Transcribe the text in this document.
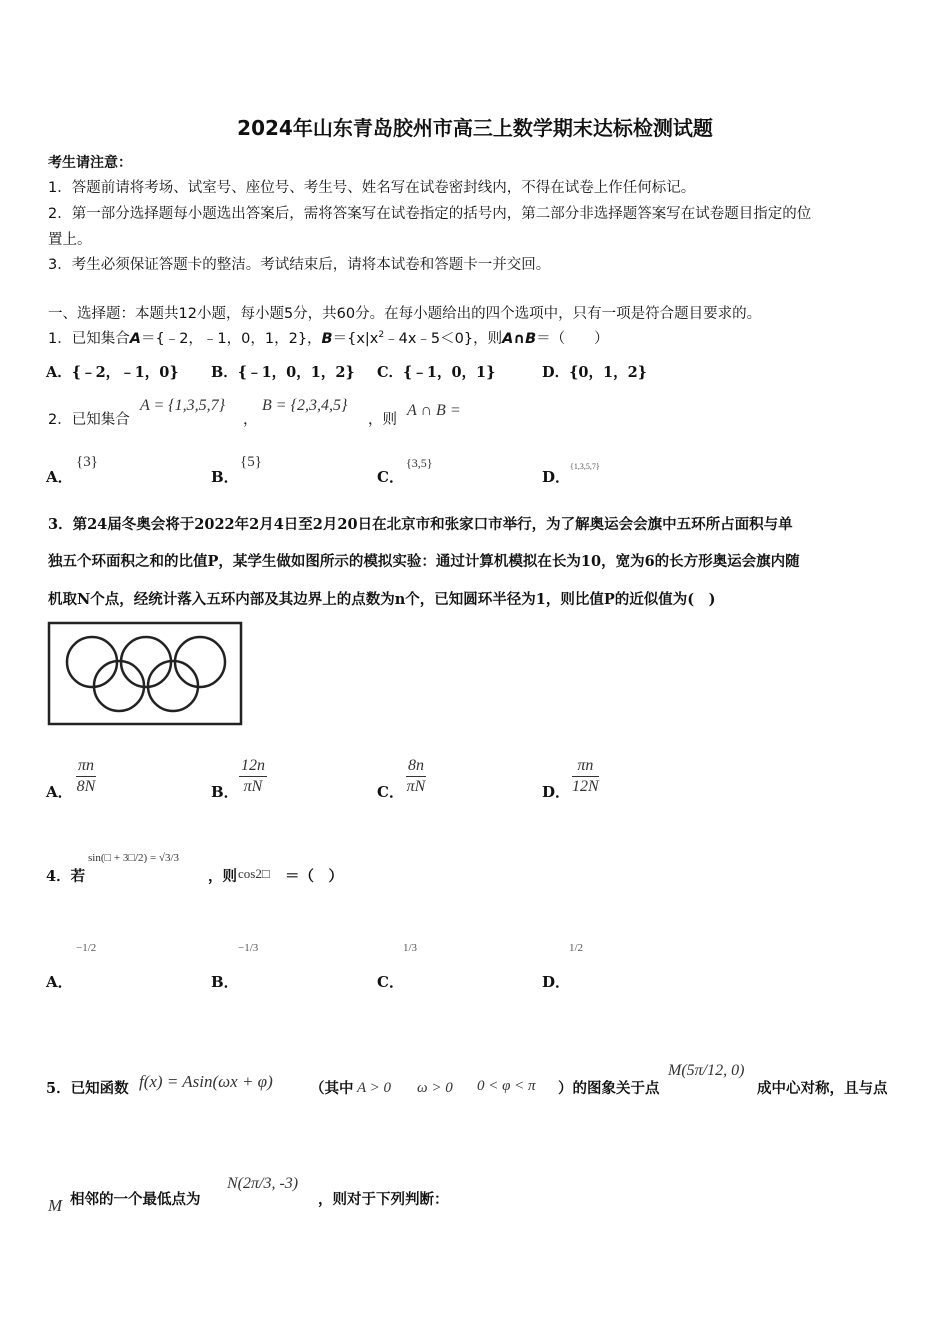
2024年山东青岛胶州市高三上数学期末达标检测试题
考生请注意：
1．答题前请将考场、试室号、座位号、考生号、姓名写在试卷密封线内，不得在试卷上作任何标记。
2．第一部分选择题每小题选出答案后，需将答案写在试卷指定的括号内，第二部分非选择题答案写在试卷题目指定的位
置上。
3．考生必须保证答题卡的整洁。考试结束后，请将本试卷和答题卡一并交回。
一、选择题：本题共12小题，每小题5分，共60分。在每小题给出的四个选项中，只有一项是符合题目要求的。
1．已知集合A＝{﹣2，﹣1，0，1，2}，$B=\{x|x^2﹣4x﹣5<0\}$，则A∩B＝（　　）
A．{﹣2，﹣1，0} B．{﹣1，0，1，2} C．{﹣1，0，1}	D．{0，1，2}
2．已知集合
A = {1,3,5,7}
，
B = {2,3,4,5}
，则
A ∩ B =
A．
{3}
B．
{5}
C．
{3,5}
D．
{1,3,5,7}
3．第24届冬奥会将于2022年2月4日至2月20日在北京市和张家口市举行，为了解奥运会会旗中五环所占面积与单
独五个环面积之和的比值P，某学生做如图所示的模拟实验：通过计算机模拟在长为10，宽为6的长方形奥运会旗内随
机取N个点，经统计落入五环内部及其边界上的点数为n个，已知圆环半径为1，则比值P的近似值为(　)
A． $\frac{\pi n}{8N}$	B． $\frac{12n}{\pi N}$	C． $\frac{8n}{\pi N}$	D． $\frac{\pi n}{12N}$
4．若
sin(□ + 3□/2) = √3/3
，则 cos2□ ＝（　）
A．
−1/2
B．
−1/3
C．
1/3
D．
1/2
5．已知函数 f(x) = Asin(ωx + φ)	（其中 A > 0 ω > 0 0 < φ < π ）的图象关于点
M(5π/12, 0)
成中心对称，且与点
M 相邻的一个最低点为
N(2π/3, -3)
，则对于下列判断：
